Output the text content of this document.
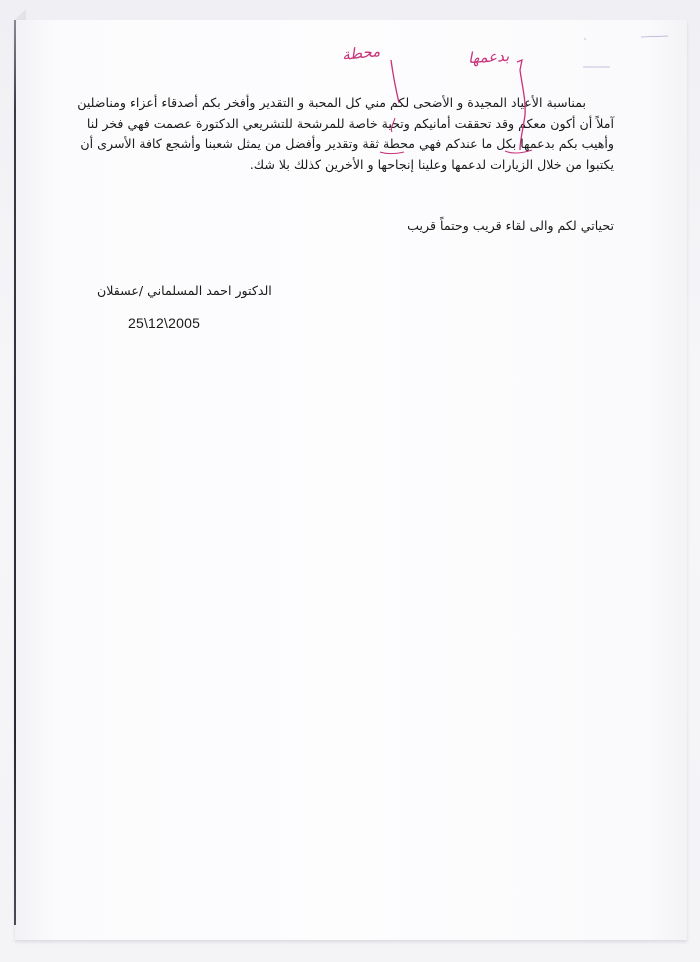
بمناسبة الأعياد المجيدة و الأضحى لكم مني كل المحبة و التقدير وأفخر بكم أصدقاء أعزاء ومناضلين
آملاً أن أكون معكم وقد تحققت أمانيكم وتحية خاصة للمرشحة للتشريعي الدكتورة عصمت فهي فخر لنا
وأهيب بكم بدعمها بكل ما عندكم فهي محطة ثقة وتقدير وأفضل من يمثل شعبنا وأشجع كافة الأسرى أن
يكتبوا من خلال الزيارات لدعمها وعلينا إنجاحها و الأخرين كذلك بلا شك.
تحياتي لكم والى لقاء قريب وحتماً قريب
الدكتور احمد المسلماني /عسقلان
25\12\2005
محطة	بدعمها
